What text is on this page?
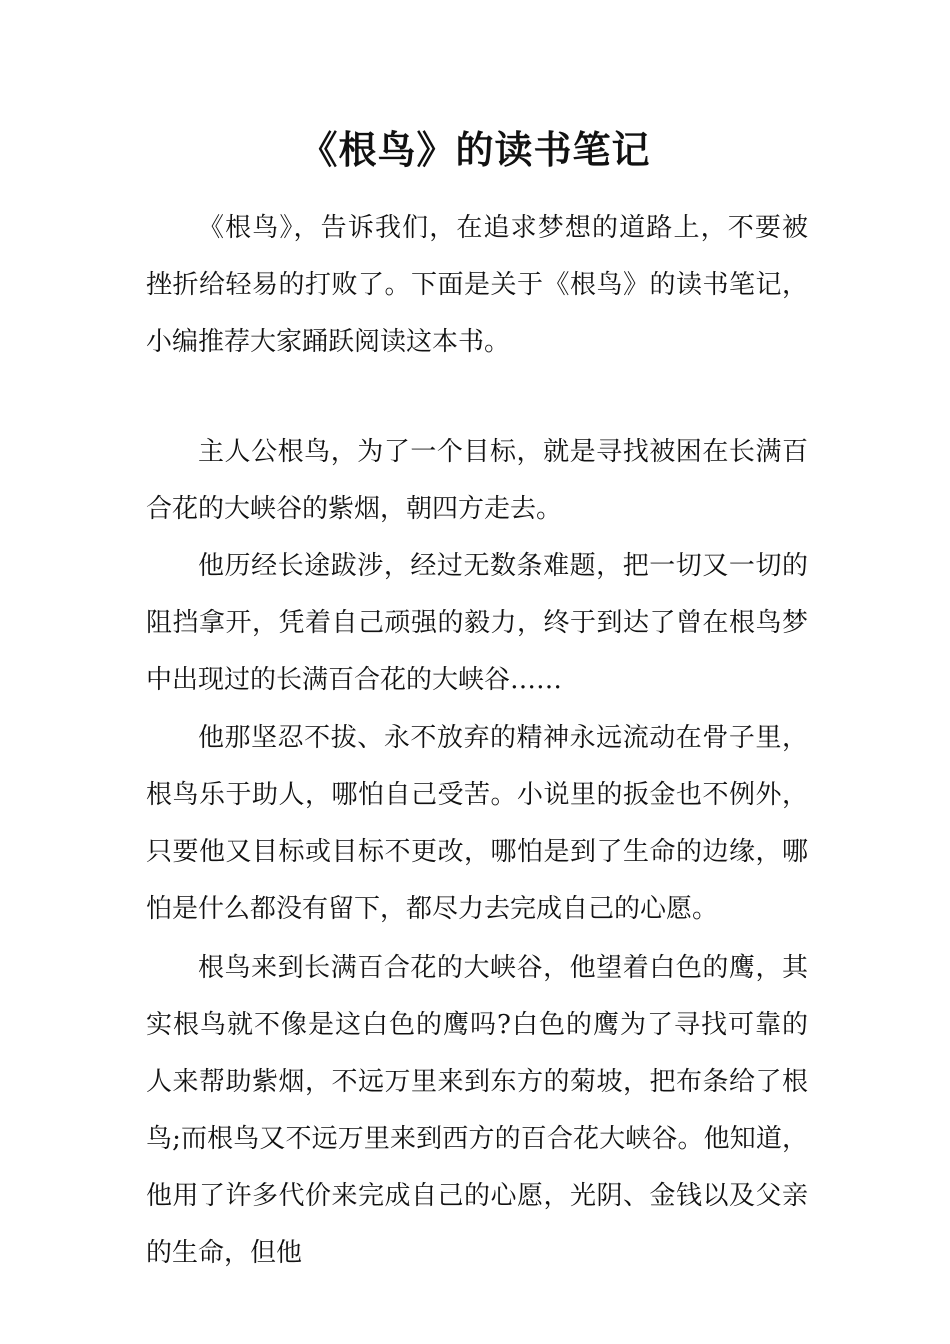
《根鸟》的读书笔记

《根鸟》，告诉我们，在追求梦想的道路上，不要被挫折给轻易的打败了。下面是关于《根鸟》的读书笔记，小编推荐大家踊跃阅读这本书。

主人公根鸟，为了一个目标，就是寻找被困在长满百合花的大峡谷的紫烟，朝四方走去。

他历经长途跋涉，经过无数条难题，把一切又一切的阻挡拿开，凭着自己顽强的毅力，终于到达了曾在根鸟梦中出现过的长满百合花的大峡谷……

他那坚忍不拔、永不放弃的精神永远流动在骨子里，根鸟乐于助人，哪怕自己受苦。小说里的扳金也不例外，只要他又目标或目标不更改，哪怕是到了生命的边缘，哪怕是什么都没有留下，都尽力去完成自己的心愿。

根鸟来到长满百合花的大峡谷，他望着白色的鹰，其实根鸟就不像是这白色的鹰吗?白色的鹰为了寻找可靠的人来帮助紫烟，不远万里来到东方的菊坡，把布条给了根鸟;而根鸟又不远万里来到西方的百合花大峡谷。他知道，他用了许多代价来完成自己的心愿，光阴、金钱以及父亲的生命，但他
